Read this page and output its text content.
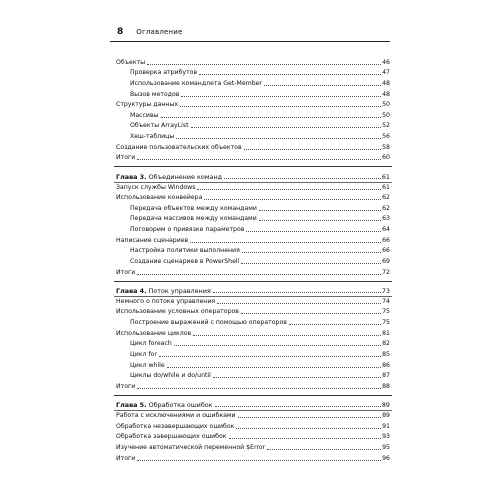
8 Оглавление
Объекты	46
Проверка атрибутов	47
Использование командлета Get-Member	48
Вызов методов	48
Структуры данных	50
Массивы	50
Объекты ArrayList	52
Хеш-таблицы	56
Создание пользовательских объектов	58
Итоги	60
Глава 3. Объединение команд	61
Запуск службы Windows	61
Использование конвейера	62
Передача объектов между командами	62
Передача массивов между командами	63
Поговорим о привязке параметров	64
Написание сценариев	66
Настройка политики выполнения	66
Создание сценариев в PowerShell	69
Итоги	72
Глава 4. Поток управления	73
Немного о потоке управления	74
Использование условных операторов	75
Построение выражений с помощью операторов	75
Использование циклов	81
Цикл foreach	82
Цикл for	85
Цикл while	86
Циклы do/while и do/until	87
Итоги	88
Глава 5. Обработка ошибок	89
Работа с исключениями и ошибками	89
Обработка незавершающих ошибок	91
Обработка завершающих ошибок	93
Изучение автоматической переменной $Error	95
Итоги	96
